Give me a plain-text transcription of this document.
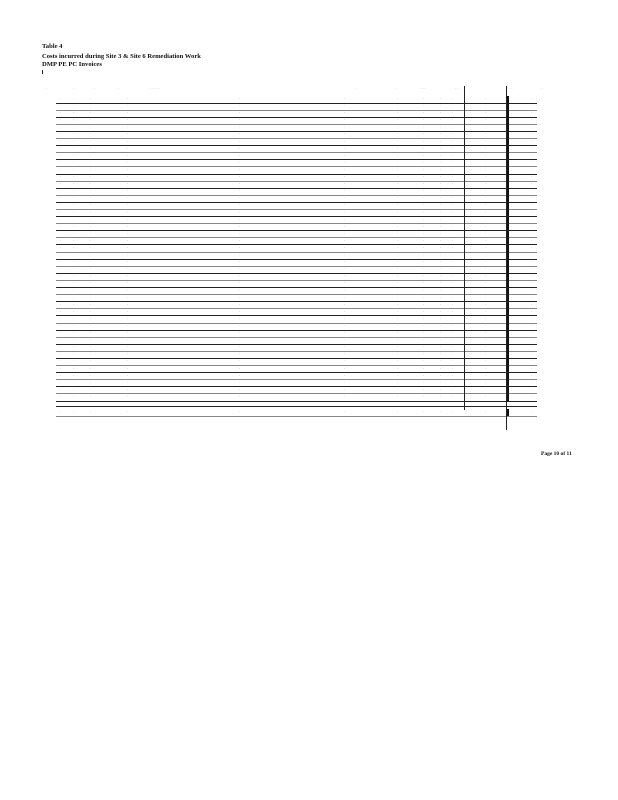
Table 4
Costs incurred during Site 3 & Site 6 Remediation Work
DMP PE PC Invoices
·	·	·	·	· · · · · ·	·	·	· · · ·	· ·	· · ·	· ·
·	·	·	·	·	·	·	·	·	·	·	·
·	·	·	·	·	·	·	·	·	·	·	·
·	·	·	·	·	·	·	·	·	·	·	·
·	·	·	·	·	·	·	·	·	·	·	·
·	·	·	·	·	·	·	·	·	·	·	·
·	·	·	·	·	·	·	·	·	·	·	·
·	·	·	·	·	·	·	·	·	·	·	·
·	·	·	·	·	·	·	·	·	·	·	·
·	·	·	·	·	·	·	·	·	·	·	·
·	·	·	·	·	·	·	·	·	·	·	·
·	·	·	·	·	·	·	·	·	·	·	·
·	·	·	·	·	·	·	·	·	·	·	·
·	·	·	·	·	·	·	·	·	·	·	·
·	·	·	·	·	·	·	·	·	·	·	·
·	·	·	·	·	·	·	·	·	·	·	·
·	·	·	·	·	·	·	·	·	·	·	·
·	·	·	·	·	·	·	·	·	·	·	·
·	·	·	·	·	·	·	·	·	·	·	·
·	·	·	·	·	·	·	·	·	·	·	·
·	·	·	·	·	·	·	·	·	·	·	·
·	·	·	·	·	·	·	·	·	·	·	·
·	·	·	·	·	·	·	·	·	·	·	·
·	·	·	·	·	·	·	·	·	·	·	·
·	·	·	·	·	·	·	·	·	·	·	·
·	·	·	·	·	·	·	·	·	·	·	·
·	·	·	·	·	·	·	·	·	·	·	·
·	·	·	·	·	·	·	·	·	·	·	·
·	·	·	·	·	·	·	·	·	·	·	·
·	·	·	·	·	·	·	·	·	·	·	·
·	·	·	·	·	·	·	·	·	·	·	·
·	·	·	·	·	·	·	·	·	·	·	·
·	·	·	·	·	·	·	·	·	·	·	·
·	·	·	·	·	·	·	·	·	·	·	·
·	·	·	·	·	·	·	·	·	·	·	·
·	·	·	·	·	·	·	·	·	·	·	·
·	·	·	·	·	·	·	·	·	·	·	·
·	·	·	·	·	·	·	·	·	·	·	·
·	·	·	·	·	·	·	·	·	·	·	·
·	·	·	·	·	·	·	·	·	·	·	·
·	·	·	·	·	·	·	·	·	·	·	·
·	·	·	·	·	·	·	·	·	·	·	·
·	·	·	·	·	·	·	·	·	·	·	·
·	·	·	·	·	·	·	·	·	·	·	·
·	·	·	·	·	·	·	·	·	·	·	·
Page 10 of 11
